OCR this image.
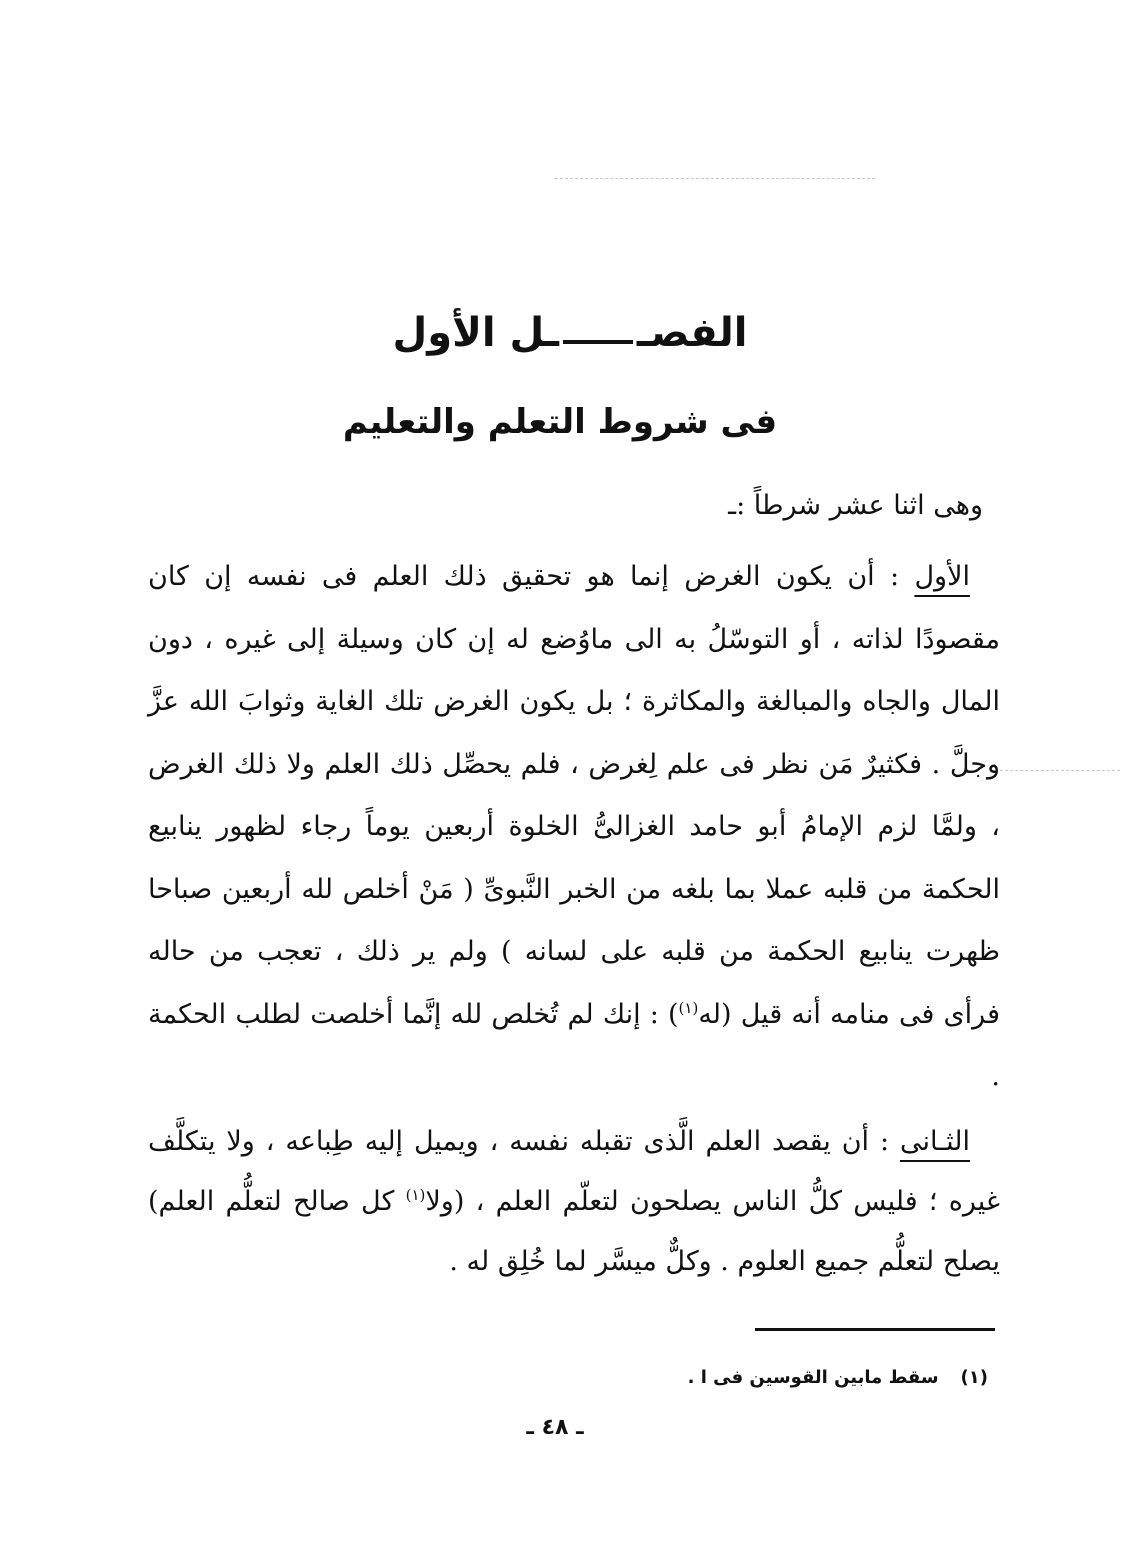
الفصـ
ـل الأول
فى شروط التعلم والتعليم
وهى اثنا عشر شرطاً :ـ

الأول : أن يكون الغرض إنما هو تحقيق ذلك العلم فى نفسه إن كان مقصودًا لذاته ، أو التوسّلُ به الى ماوُضع له إن كان وسيلة إلى غيره ، دون المال والجاه والمبالغة والمكاثرة ؛ بل يكون الغرض تلك الغاية وثوابَ الله عزَّ وجلَّ . فكثيرٌ مَن نظر فى علم لِغرض ، فلم يحصِّل ذلك العلم ولا ذلك الغرض ، ولمَّا لزم الإمامُ أبو حامد الغزالىُّ الخلوة أربعين يوماً رجاء لظهور ينابيع الحكمة من قلبه عملا بما بلغه من الخبر النَّبوىِّ ( مَنْ أخلص لله أربعين صباحا ظهرت ينابيع الحكمة من قلبه على لسانه ) ولم ير ذلك ، تعجب من حاله فرأى فى منامه أنه قيل (له$^{(١)}$) : إنك لم تُخلص لله إنَّما أخلصت لطلب الحكمة .

الثـانى : أن يقصد العلم الَّذى تقبله نفسه ، ويميل إليه طِباعه ، ولا يتكلَّف غيره ؛ فليس كلُّ الناس يصلحون لتعلّم العلم ، (ولا$^{(١)}$ كل صالح لتعلُّم العلم) يصلح لتعلُّم جميع العلوم . وكلٌّ ميسَّر لما خُلِق له .

(١)سقط مابين القوسين فى ا .
ـ ٤٨ ـ
